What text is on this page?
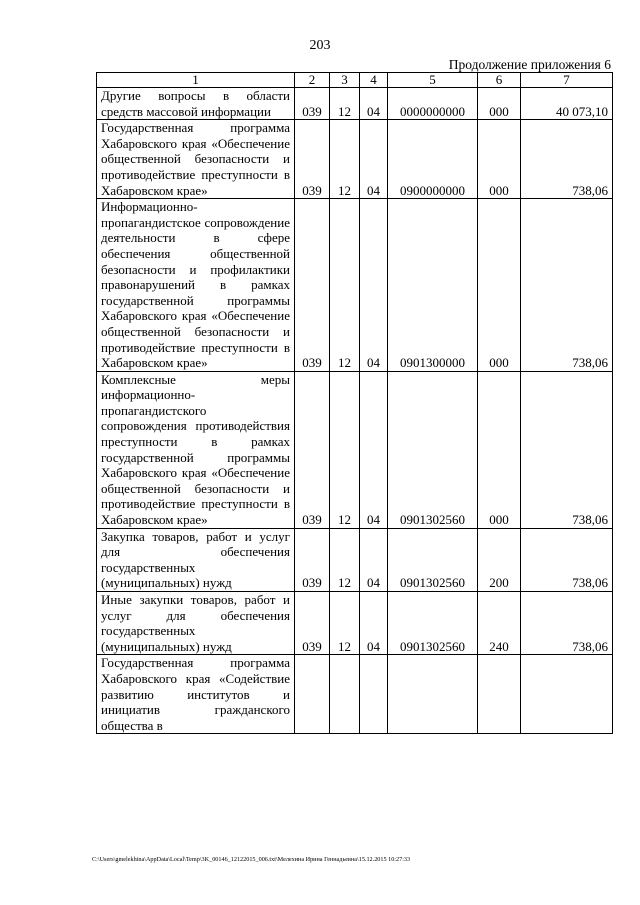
203
Продолжение приложения 6
1	2	3	4	5	6	7
Другие вопросы в области средств массовой информации	039	12	04	0000000000	000	40 073,10
Государственная программа Хабаровского края «Обеспечение общественной безопасности и противодействие преступности в Хабаровском крае»	039	12	04	0900000000	000	738,06
Информационно-пропагандистское сопровождение деятельности в сфере обеспечения общественной безопасности и профилактики правонарушений в рамках государственной программы Хабаровского края «Обеспечение общественной безопасности и противодействие преступности в Хабаровском крае»	039	12	04	0901300000	000	738,06
Комплексные меры информационно-пропагандистского сопровождения противодействия преступности в рамках государственной программы Хабаровского края «Обеспечение общественной безопасности и противодействие преступности в Хабаровском крае»	039	12	04	0901302560	000	738,06
Закупка товаров, работ и услуг для обеспечения государственных (муниципальных) нужд	039	12	04	0901302560	200	738,06
Иные закупки товаров, работ и услуг для обеспечения государственных (муниципальных) нужд	039	12	04	0901302560	240	738,06
Государственная программа Хабаровского края «Содействие развитию институтов и инициатив гражданского общества в						
C:\Users\gmelekhina\AppData\Local\Temp\3K_00146_12122015_006.txt\Мелехина Ирина Геннадьевна\15.12.2015 10:27:33
